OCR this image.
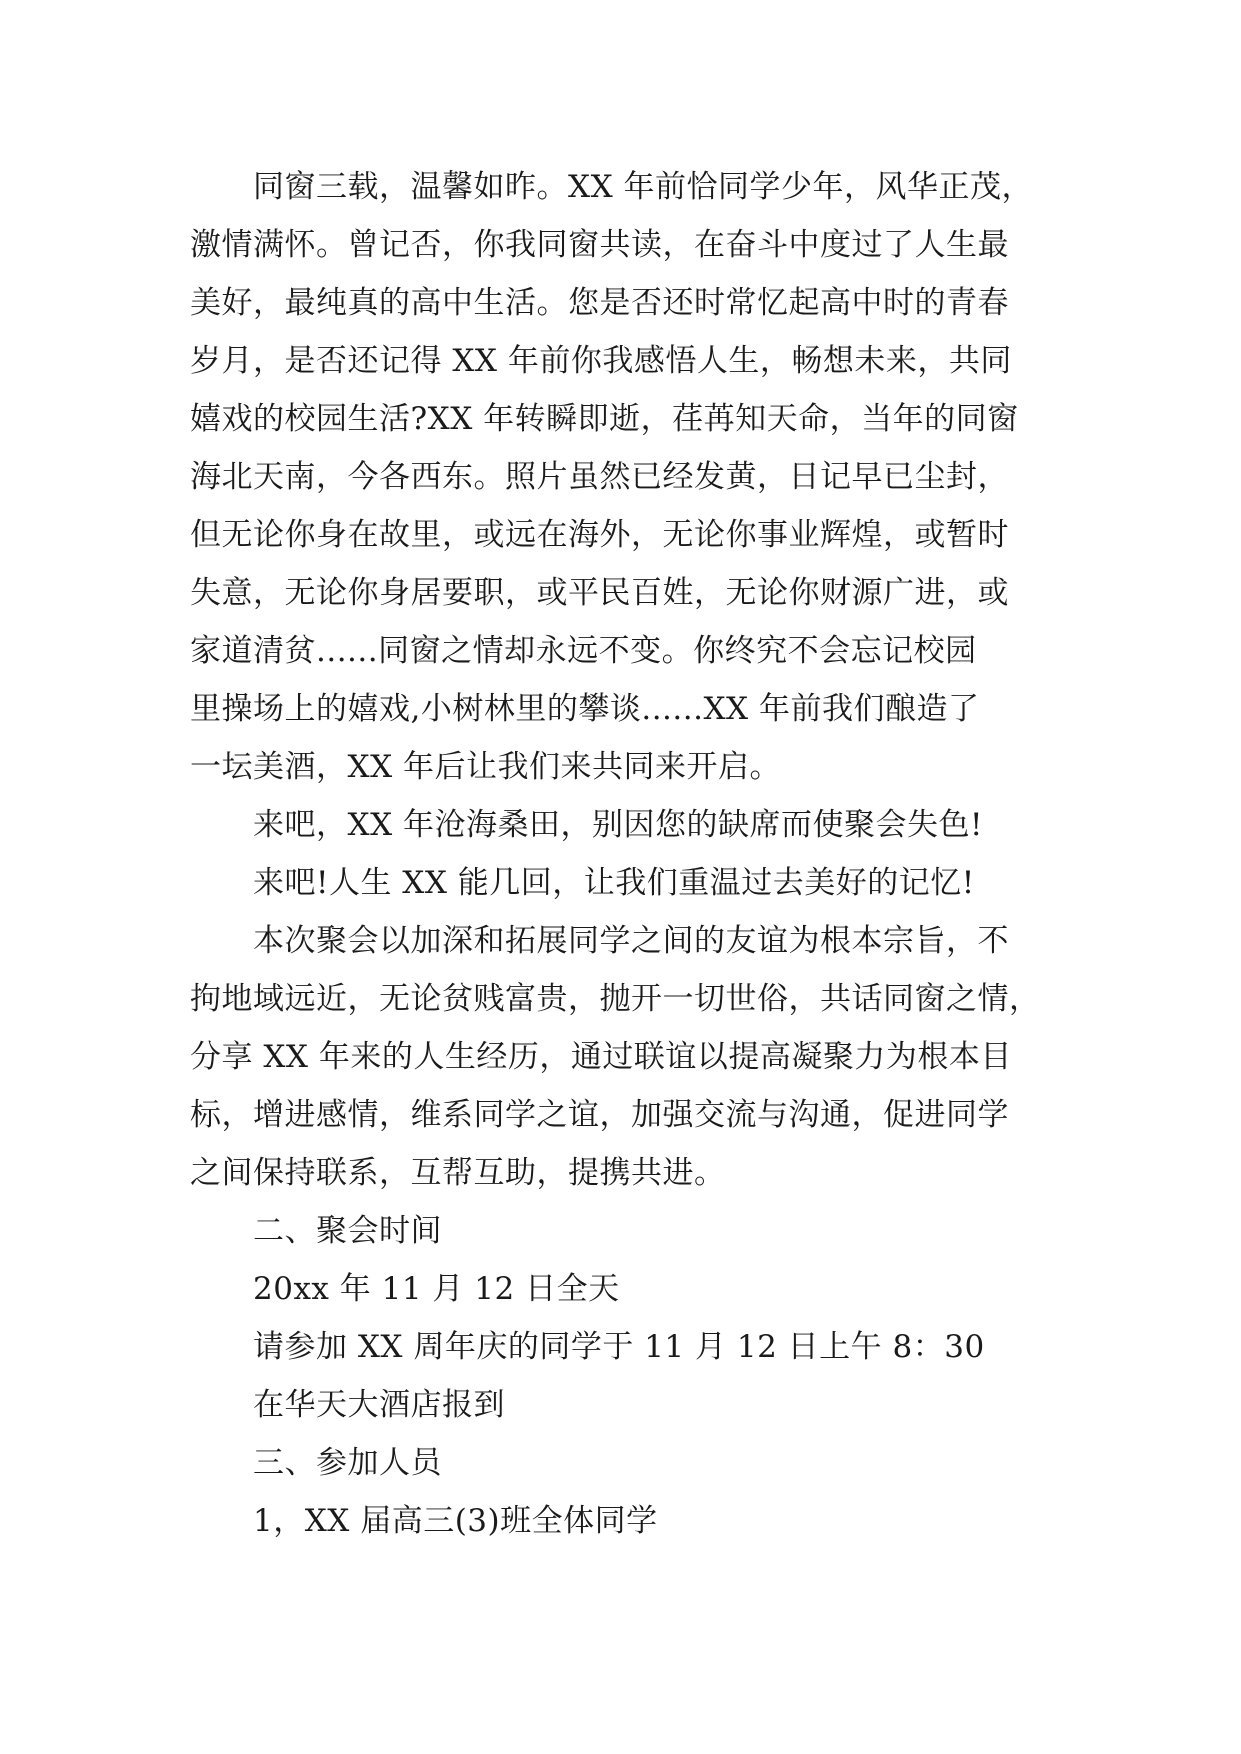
同窗三载，温馨如昨。XX 年前恰同学少年，风华正茂，
激情满怀。曾记否，你我同窗共读，在奋斗中度过了人生最
美好，最纯真的高中生活。您是否还时常忆起高中时的青春
岁月，是否还记得 XX 年前你我感悟人生，畅想未来，共同
嬉戏的校园生活?XX 年转瞬即逝，荏苒知天命，当年的同窗
海北天南，今各西东。照片虽然已经发黄，日记早已尘封，
但无论你身在故里，或远在海外，无论你事业辉煌，或暂时
失意，无论你身居要职，或平民百姓，无论你财源广进，或
家道清贫......同窗之情却永远不变。你终究不会忘记校园
里操场上的嬉戏,小树林里的攀谈......XX 年前我们酿造了
一坛美酒，XX 年后让我们来共同来开启。
来吧，XX 年沧海桑田，别因您的缺席而使聚会失色!
来吧!人生 XX 能几回，让我们重温过去美好的记忆!
本次聚会以加深和拓展同学之间的友谊为根本宗旨，不
拘地域远近，无论贫贱富贵，抛开一切世俗，共话同窗之情，
分享 XX 年来的人生经历，通过联谊以提高凝聚力为根本目
标，增进感情，维系同学之谊，加强交流与沟通，促进同学
之间保持联系，互帮互助，提携共进。
二、聚会时间
20xx 年 11 月 12 日全天
请参加 XX 周年庆的同学于 11 月 12 日上午 8：30
在华天大酒店报到
三、参加人员
1，XX 届高三(3)班全体同学
